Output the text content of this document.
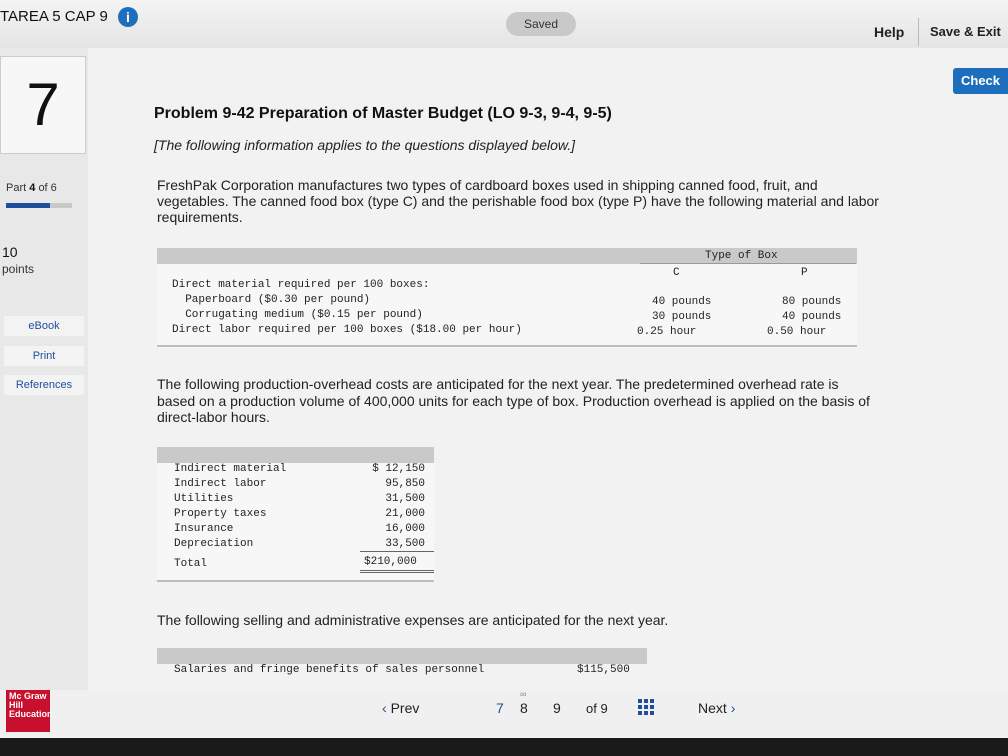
TAREA 5 CAP 9	i	Saved	Help Save & Exit
7
Part 4 of 6
10
points
eBook
Print
References
Check
Problem 9-42 Preparation of Master Budget (LO 9-3, 9-4, 9-5)
[The following information applies to the questions displayed below.]
FreshPak Corporation manufactures two types of cardboard boxes used in shipping canned food, fruit, and
vegetables. The canned food box (type C) and the perishable food box (type P) have the following material and labor
requirements.
Type of Box
C	P
Direct material required per 100 boxes:
Paperboard ($0.30 per pound)	40 pounds	80 pounds
Corrugating medium ($0.15 per pound)	30 pounds	40 pounds
Direct labor required per 100 boxes ($18.00 per hour)	0.25 hour	0.50 hour
The following production-overhead costs are anticipated for the next year. The predetermined overhead rate is
based on a production volume of 400,000 units for each type of box. Production overhead is applied on the basis of
direct-labor hours.
Indirect material	$ 12,150
Indirect labor	95,850
Utilities	31,500
Property taxes	21,000
Insurance	16,000
Depreciation	33,500
Total	$210,000
The following selling and administrative expenses are anticipated for the next year.
Salaries and fringe benefits of sales personnel	$115,500
Mc Graw Hill Education	‹ Prev	7
∞
8 9 of 9	Next ›
